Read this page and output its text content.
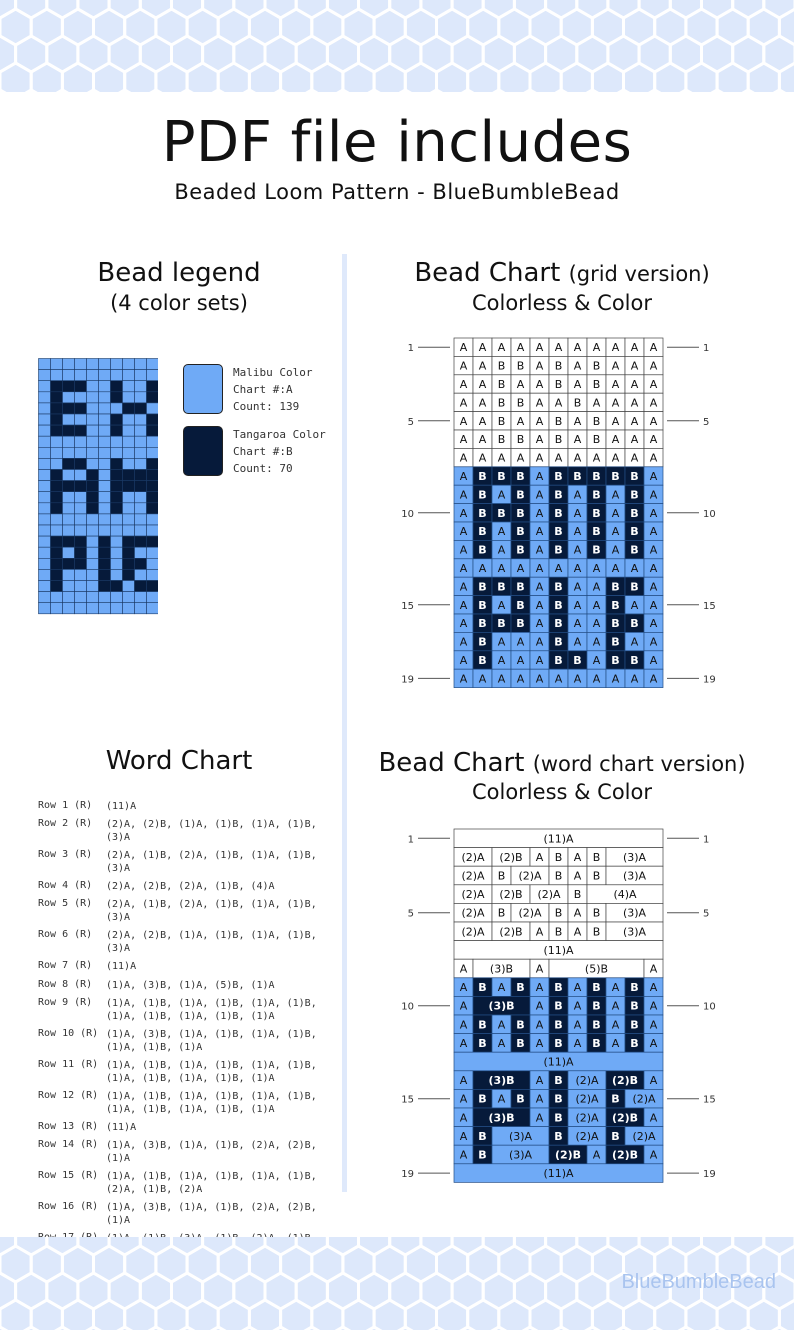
PDF file includes
Beaded Loom Pattern - BlueBumbleBead
Bead legend
(4 color sets)
Malibu Color
Chart #:A
Count: 139
Tangaroa Color
Chart #:B
Count: 70
Bead Chart (grid version)
Colorless & Color
A A A A A A A A A A A
A A B B A B A B A A A
A A B A A B A B A A A
A A B B A A B A A A A
A A B A A B A B A A A
A A B B A B A B A A A
A A A A A A A A A A A
A B B B A B B B B B A
A B A B A B A B A B A
A B B B A B A B A B A
A B A B A B A B A B A
A B A B A B A B A B A
A A A A A A A A A A A
A B B B A B A A B B A
A B A B A B A A B A A
A B B B A B A A B B A
A B A A A B A A B A A
A B A A A B B A B B A
A A A A A A A A A A A
1	1
5	5
10	10
15	15
19	19
Word Chart
Row 1 (R)	(11)A
Row 2 (R)	(2)A, (2)B, (1)A, (1)B, (1)A, (1)B, (3)A
Row 3 (R)	(2)A, (1)B, (2)A, (1)B, (1)A, (1)B, (3)A
Row 4 (R)	(2)A, (2)B, (2)A, (1)B, (4)A
Row 5 (R)	(2)A, (1)B, (2)A, (1)B, (1)A, (1)B, (3)A
Row 6 (R)	(2)A, (2)B, (1)A, (1)B, (1)A, (1)B, (3)A
Row 7 (R)	(11)A
Row 8 (R)	(1)A, (3)B, (1)A, (5)B, (1)A
Row 9 (R)	(1)A, (1)B, (1)A, (1)B, (1)A, (1)B, (1)A, (1)B, (1)A, (1)B, (1)A
Row 10 (R) (1)A, (3)B, (1)A, (1)B, (1)A, (1)B, (1)A, (1)B, (1)A
Row 11 (R) (1)A, (1)B, (1)A, (1)B, (1)A, (1)B, (1)A, (1)B, (1)A, (1)B, (1)A
Row 12 (R) (1)A, (1)B, (1)A, (1)B, (1)A, (1)B, (1)A, (1)B, (1)A, (1)B, (1)A
Row 13 (R) (11)A
Row 14 (R) (1)A, (3)B, (1)A, (1)B, (2)A, (2)B, (1)A
Row 15 (R) (1)A, (1)B, (1)A, (1)B, (1)A, (1)B, (2)A, (1)B, (2)A
Row 16 (R) (1)A, (3)B, (1)A, (1)B, (2)A, (2)B, (1)A
Bead Chart (word chart version)
Colorless & Color
(11)A
(2)A (2)B A B A B (3)A
(2)A B (2)A B A B (3)A
(2)A (2)B (2)A B	(4)A
(2)A B (2)A B A B (3)A
(2)A (2)B A B A B (3)A
(11)A
A (3)B A	(5)B	A
A B A B A B A B A B A
A (3)B A B A B A B A
A B A B A B A B A B A
A B A B A B A B A B A
(11)A
A (3)B A B (2)A (2)B A
A B A B A B (2)A B (2)A
A (3)B A B (2)A (2)B A
A B (3)A B (2)A B (2)A
A B (3)A (2)B A (2)B A
(11)A
1	1
5	5
10	10
15	15
19	19
BlueBumbleBead
